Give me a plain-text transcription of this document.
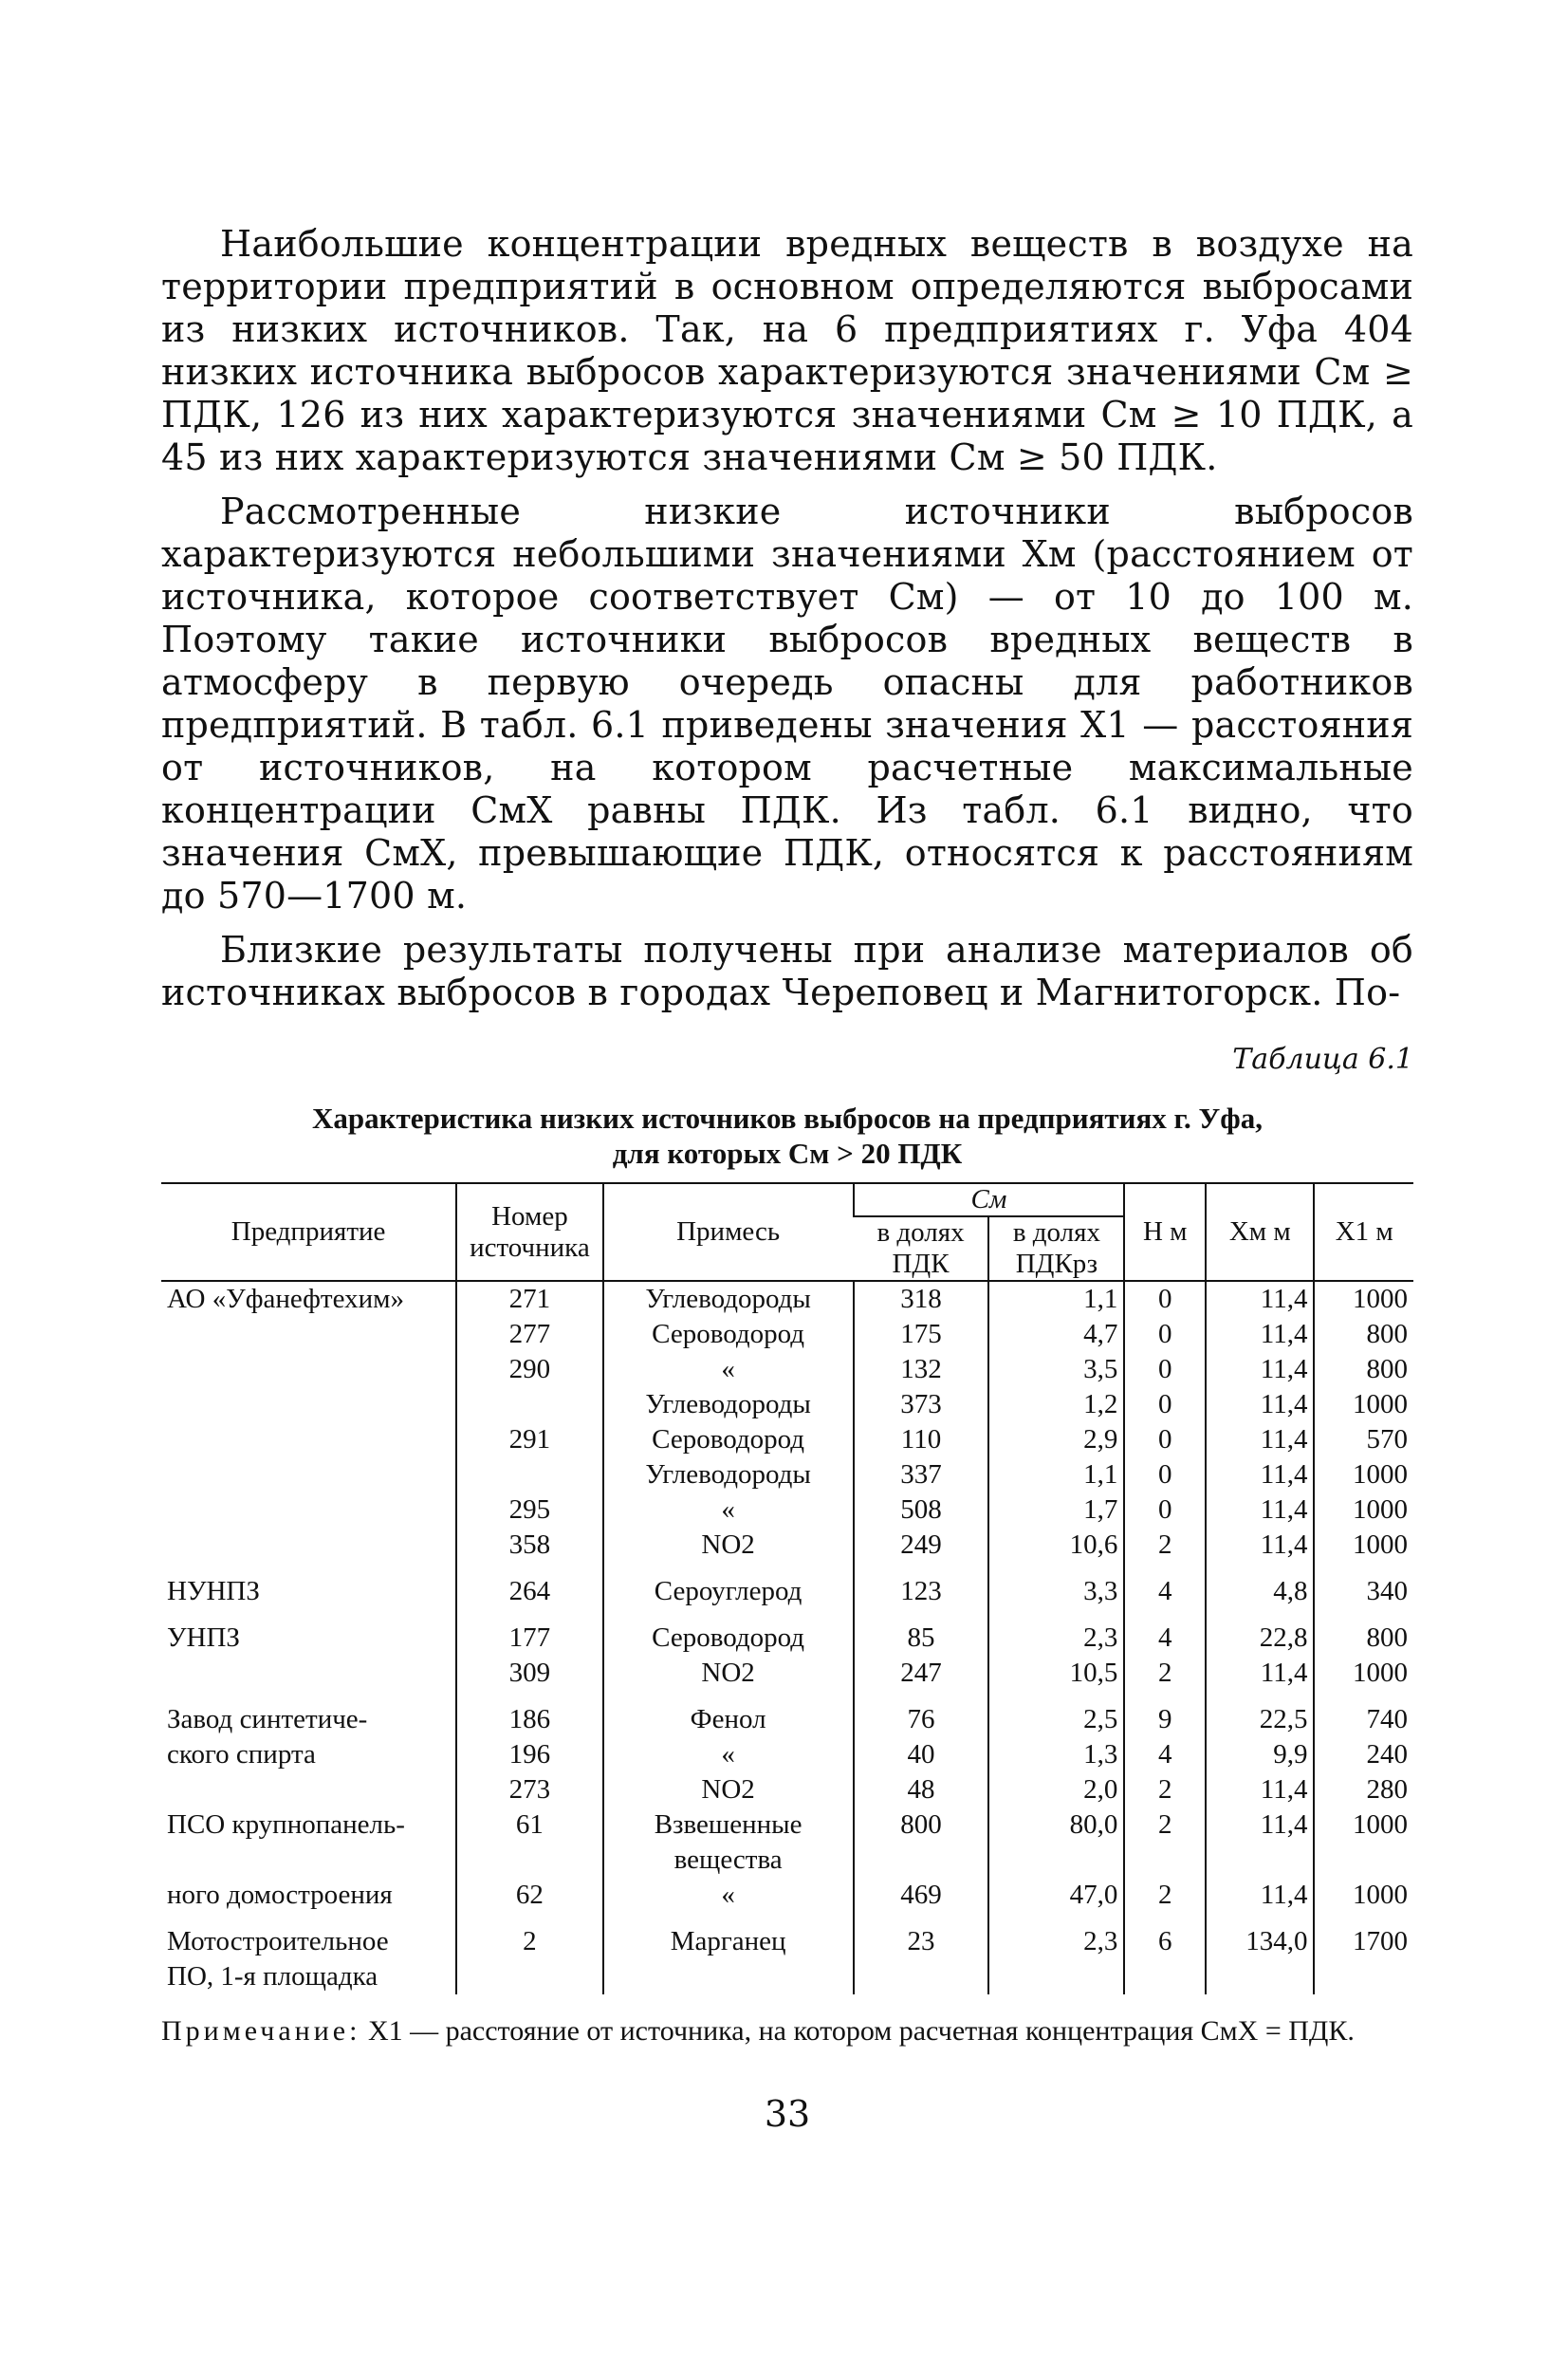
Наибольшие концентрации вредных веществ в воздухе на территории предприятий в основном определяются выбросами из низких источников. Так, на 6 предприятиях г. Уфа 404 низких источника выбросов характеризуются значениями Cм ≥ ПДК, 126 из них характеризуются значениями Cм ≥ 10 ПДК, а 45 из них характеризуются значениями Cм ≥ 50 ПДК.

Рассмотренные низкие источники выбросов характеризуются небольшими значениями Xм (расстоянием от источника, которое соответствует Cм) — от 10 до 100 м. Поэтому такие источники выбросов вредных веществ в атмосферу в первую очередь опасны для работников предприятий. В табл. 6.1 приведены значения X1 — расстояния от источников, на котором расчетные максимальные концентрации CмX равны ПДК. Из табл. 6.1 видно, что значения CмX, превышающие ПДК, относятся к расстояниям до 570—1700 м.

Близкие результаты получены при анализе материалов об источниках выбросов в городах Череповец и Магнитогорск. По-

Таблица 6.1
Характеристика низких источников выбросов на предприятиях г. Уфа,
для которых Cм > 20 ПДК
Предприятие	Номер источника	Примесь	Cм		H м	Xм м	X1 м
			в долях ПДК	в долях ПДКрз			
АО «Уфанефтехим»	271	Углеводороды	318	1,1	0	11,4	1000
	277	Сероводород	175	4,7	0	11,4	800
	290	«	132	3,5	0	11,4	800
		Углеводороды	373	1,2	0	11,4	1000
	291	Сероводород	110	2,9	0	11,4	570
		Углеводороды	337	1,1	0	11,4	1000
	295	«	508	1,7	0	11,4	1000
	358	NO2	249	10,6	2	11,4	1000
НУНПЗ	264	Сероуглерод	123	3,3	4	4,8	340
УНПЗ	177	Сероводород	85	2,3	4	22,8	800
	309	NO2	247	10,5	2	11,4	1000
Завод синтетиче-	186	Фенол	76	2,5	9	22,5	740
ского спирта	196	«	40	1,3	4	9,9	240
	273	NO2	48	2,0	2	11,4	280
ПСО крупнопанель-	61	Взвешенные вещества	800	80,0	2	11,4	1000
ного домостроения	62	«	469	47,0	2	11,4	1000
Мотостроительное	2	Марганец	23	2,3	6	134,0	1700
ПО, 1-я площадка							

Примечание: X1 — расстояние от источника, на котором расчетная концентрация CмX = ПДК.

33
